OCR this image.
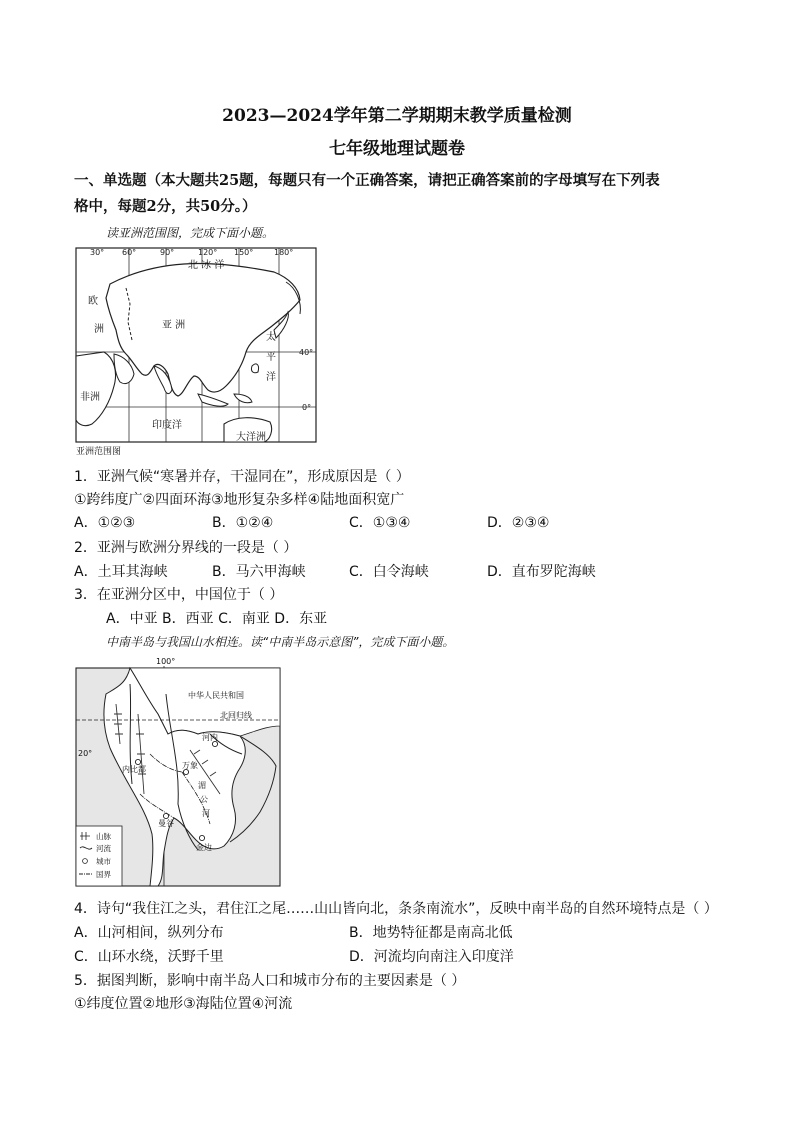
2023—2024学年第二学期期末教学质量检测
七年级地理试题卷
一、单选题（本大题共25题，每题只有一个正确答案，请把正确答案前的字母填写在下列表
格中，每题2分，共50分。）
读亚洲范围图，完成下面小题。
30° 60°	90°	120° 150°	180°
40°
0°
北 冰 洋
欧
洲	亚 洲
太
平
洋
非洲
印度洋
大洋洲
亚洲范围图
1．亚洲气候“寒暑并存，干湿同在”，形成原因是（ ）
①跨纬度广②四面环海③地形复杂多样④陆地面积宽广
A．①②③	B．①②④	C．①③④	D．②③④
2．亚洲与欧洲分界线的一段是（ ）
A．土耳其海峡	B．马六甲海峡	C．白令海峡	D．直布罗陀海峡
3．在亚洲分区中，中国位于（ ）
A．中亚 B．西亚 C．南亚 D．东亚
中南半岛与我国山水相连。读“中南半岛示意图”，完成下面小题。
100°
20°
北回归线
中华人民共和国
河内
内比都	万象
曼谷
金边
湄
公
河
山脉
河流
城市
国界
4．诗句“我住江之头，君住江之尾……山山皆向北，条条南流水”，反映中南半岛的自然环境特点是（ ）
A．山河相间，纵列分布	B．地势特征都是南高北低
C．山环水绕，沃野千里	D．河流均向南注入印度洋
5．据图判断，影响中南半岛人口和城市分布的主要因素是（ ）
①纬度位置②地形③海陆位置④河流
